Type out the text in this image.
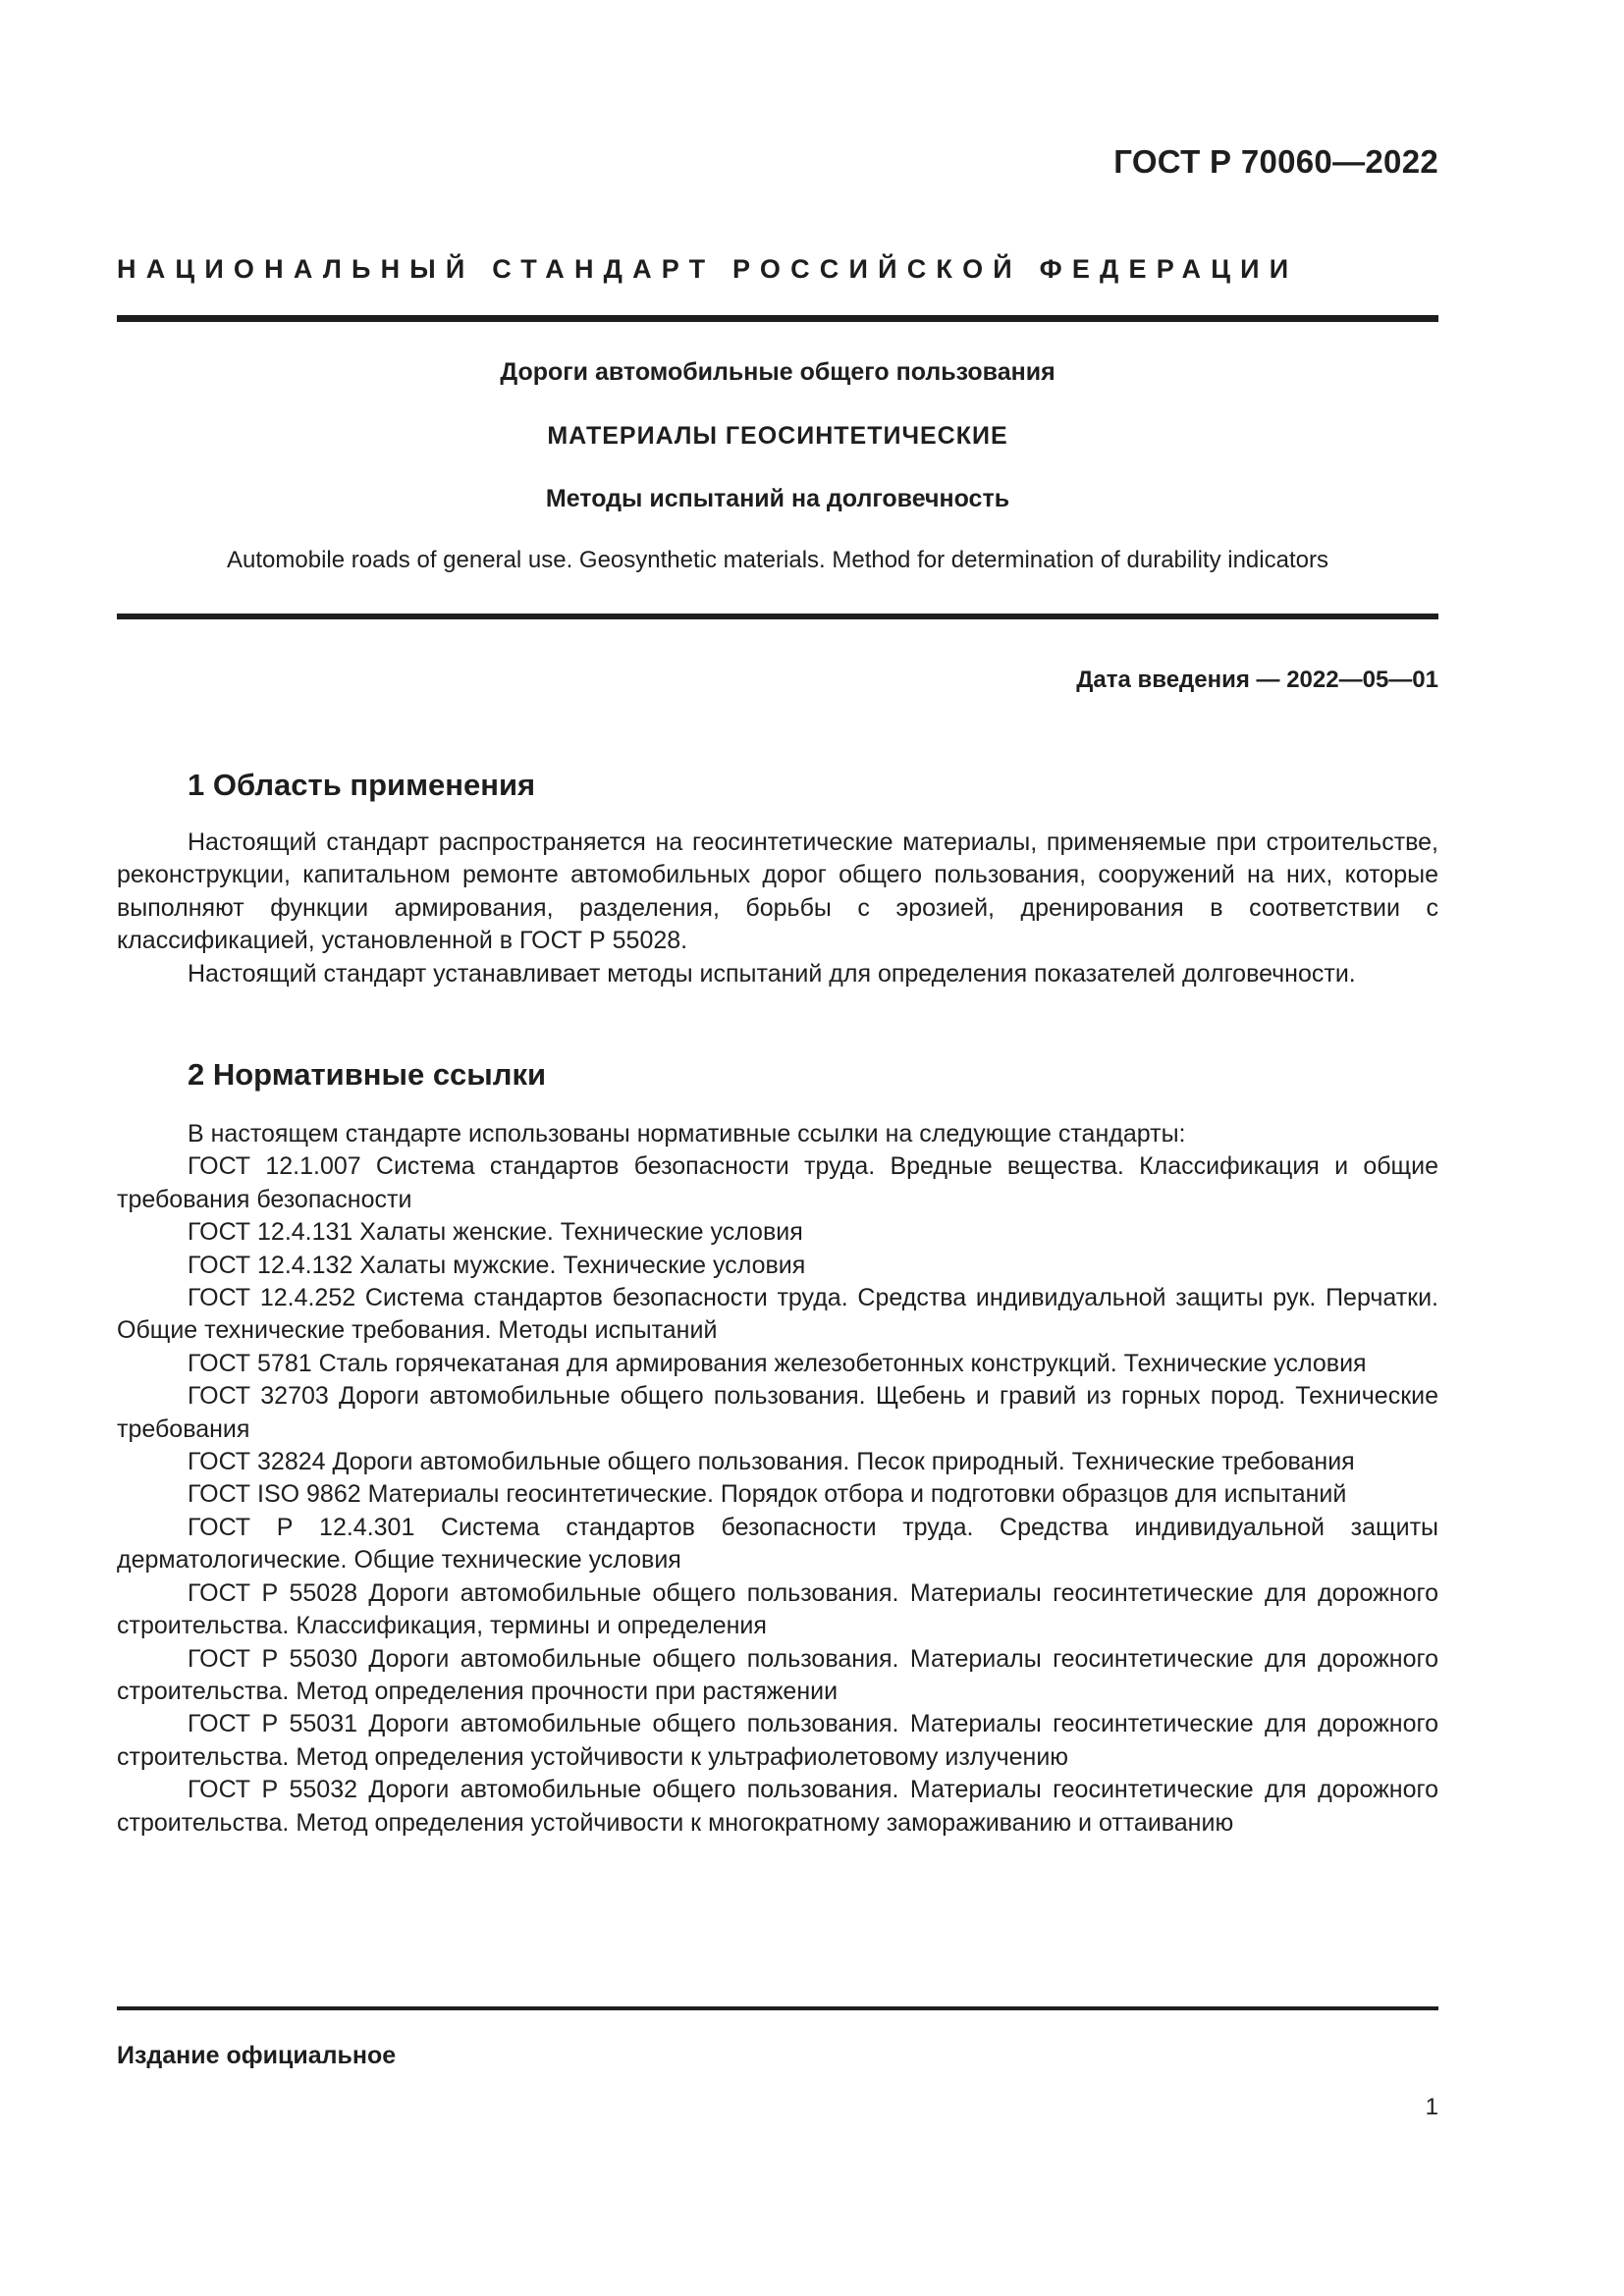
ГОСТ Р 70060—2022
НАЦИОНАЛЬНЫЙ СТАНДАРТ РОССИЙСКОЙ ФЕДЕРАЦИИ
Дороги автомобильные общего пользования
МАТЕРИАЛЫ ГЕОСИНТЕТИЧЕСКИЕ
Методы испытаний на долговечность
Automobile roads of general use. Geosynthetic materials. Method for determination of durability indicators
Дата введения — 2022—05—01
1 Область применения

Настоящий стандарт распространяется на геосинтетические материалы, применяемые при строительстве, реконструкции, капитальном ремонте автомобильных дорог общего пользования, сооружений на них, которые выполняют функции армирования, разделения, борьбы с эрозией, дренирования в соответствии с классификацией, установленной в ГОСТ Р 55028.

Настоящий стандарт устанавливает методы испытаний для определения показателей долговечности.

2 Нормативные ссылки

В настоящем стандарте использованы нормативные ссылки на следующие стандарты:

ГОСТ 12.1.007 Система стандартов безопасности труда. Вредные вещества. Классификация и общие требования безопасности

ГОСТ 12.4.131 Халаты женские. Технические условия

ГОСТ 12.4.132 Халаты мужские. Технические условия

ГОСТ 12.4.252 Система стандартов безопасности труда. Средства индивидуальной защиты рук. Перчатки. Общие технические требования. Методы испытаний

ГОСТ 5781 Сталь горячекатаная для армирования железобетонных конструкций. Технические условия

ГОСТ 32703 Дороги автомобильные общего пользования. Щебень и гравий из горных пород. Технические требования

ГОСТ 32824 Дороги автомобильные общего пользования. Песок природный. Технические требования

ГОСТ ISO 9862 Материалы геосинтетические. Порядок отбора и подготовки образцов для испытаний

ГОСТ Р 12.4.301 Система стандартов безопасности труда. Средства индивидуальной защиты дерматологические. Общие технические условия

ГОСТ Р 55028 Дороги автомобильные общего пользования. Материалы геосинтетические для дорожного строительства. Классификация, термины и определения

ГОСТ Р 55030 Дороги автомобильные общего пользования. Материалы геосинтетические для дорожного строительства. Метод определения прочности при растяжении

ГОСТ Р 55031 Дороги автомобильные общего пользования. Материалы геосинтетические для дорожного строительства. Метод определения устойчивости к ультрафиолетовому излучению

ГОСТ Р 55032 Дороги автомобильные общего пользования. Материалы геосинтетические для дорожного строительства. Метод определения устойчивости к многократному замораживанию и оттаиванию

Издание официальное
1
